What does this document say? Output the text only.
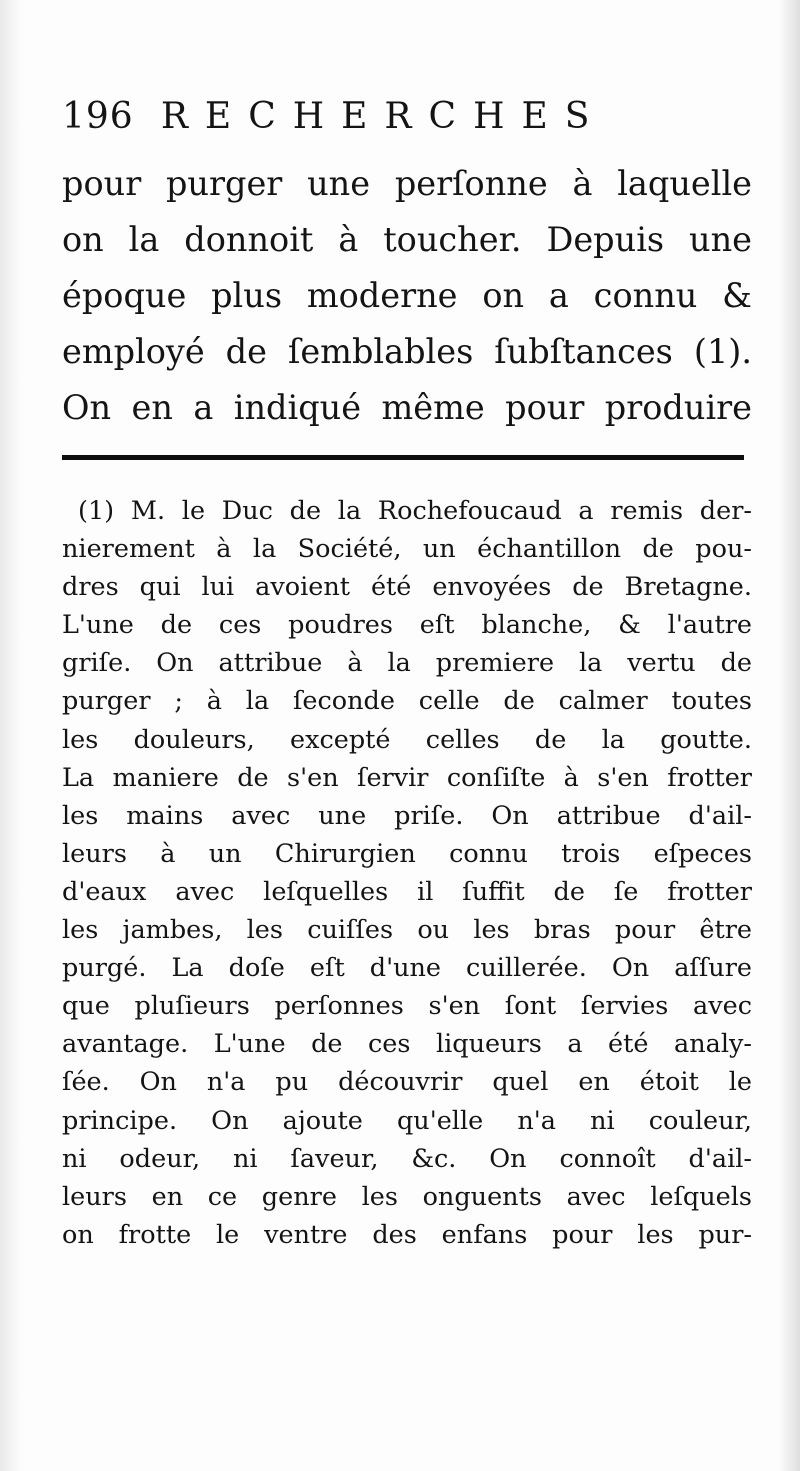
196 RECHERCHES
pour purger une perſonne à laquelle
on la donnoit à toucher. Depuis une
époque plus moderne on a connu &
employé de ſemblables ſubſtances (1).
On en a indiqué même pour produire
(1) M. le Duc de la Rochefoucaud a remis der-
nierement à la Société, un échantillon de pou-
dres qui lui avoient été envoyées de Bretagne.
L'une de ces poudres eſt blanche, & l'autre
griſe. On attribue à la premiere la vertu de
purger ; à la ſeconde celle de calmer toutes
les douleurs, excepté celles de la goutte.
La maniere de s'en ſervir conſiſte à s'en frotter
les mains avec une priſe. On attribue d'ail-
leurs à un Chirurgien connu trois eſpeces
d'eaux avec leſquelles il ſuffit de ſe frotter
les jambes, les cuiſſes ou les bras pour être
purgé. La doſe eſt d'une cuillerée. On aſſure
que pluſieurs perſonnes s'en ſont ſervies avec
avantage. L'une de ces liqueurs a été analy-
ſée. On n'a pu découvrir quel en étoit le
principe. On ajoute qu'elle n'a ni couleur,
ni odeur, ni ſaveur, &c. On connoît d'ail-
leurs en ce genre les onguents avec leſquels
on frotte le ventre des enfans pour les pur-
